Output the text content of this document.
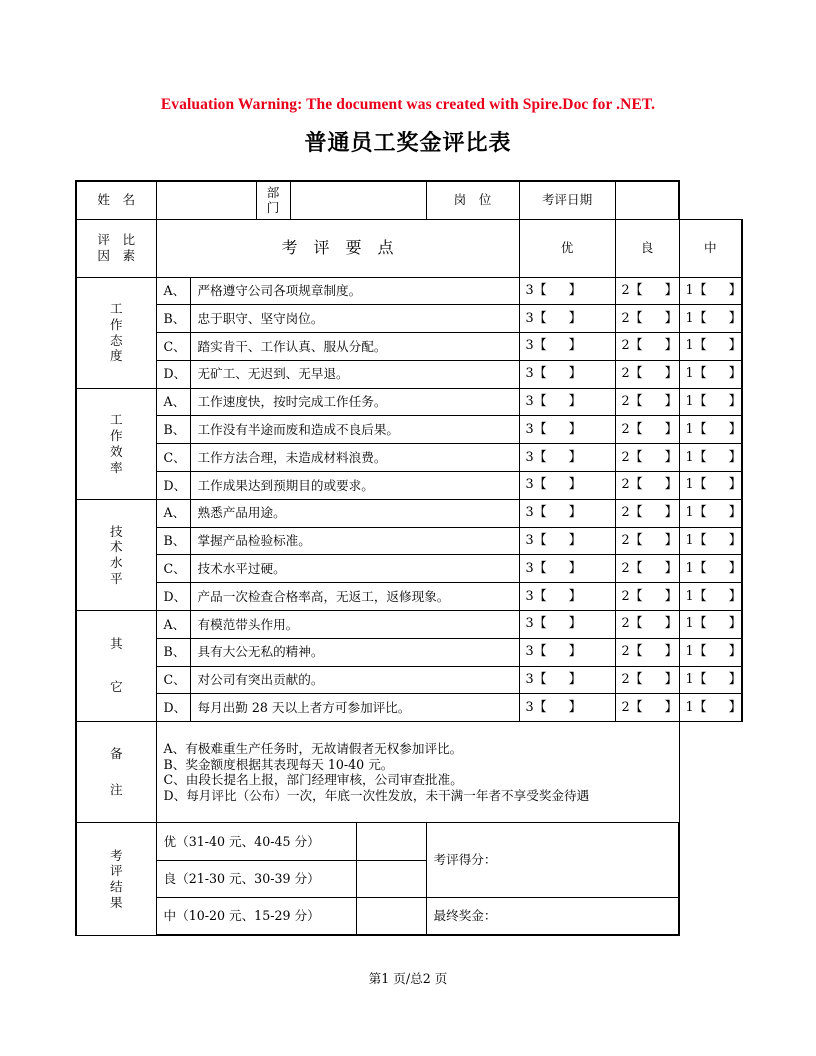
Evaluation Warning: The document was created with Spire.Doc for .NET.
普通员工奖金评比表
姓　名			部　门			岗　位	考评日期		

评　比
因　素	考　评　要　点						优	良	中

工
作
态
度	A、	严格遵守公司各项规章制度。					3【 】	2【 】	1【 】
	B、	忠于职守、坚守岗位。					3【 】	2【 】	1【 】
	C、	踏实肯干、工作认真、服从分配。					3【 】	2【 】	1【 】
	D、	无矿工、无迟到、无早退。					3【 】	2【 】	1【 】

工
作
效
率	A、	工作速度快，按时完成工作任务。					3【 】	2【 】	1【 】
	B、	工作没有半途而废和造成不良后果。					3【 】	2【 】	1【 】
	C、	工作方法合理，未造成材料浪费。					3【 】	2【 】	1【 】
	D、	工作成果达到预期目的或要求。					3【 】	2【 】	1【 】

技
术
水
平	A、	熟悉产品用途。					3【 】	2【 】	1【 】
	B、	掌握产品检验标准。					3【 】	2【 】	1【 】
	C、	技术水平过硬。					3【 】	2【 】	1【 】
	D、	产品一次检查合格率高，无返工，返修现象。					3【 】	2【 】	1【 】

其
它	A、	有模范带头作用。					3【 】	2【 】	1【 】
	B、	具有大公无私的精神。					3【 】	2【 】	1【 】
	C、	对公司有突出贡献的。					3【 】	2【 】	1【 】
	D、	每月出勤 28 天以上者方可参加评比。					3【 】	2【 】	1【 】

备
注

A、有极难重生产任务时，无故请假者无权参加评比。
B、奖金额度根据其表现每天 10-40 元。
C、由段长提名上报，部门经理审核，公司审查批准。
D、每月评比（公布）一次，年底一次性发放，未干满一年者不享受奖金待遇

考
评
结
果	优（31-40 元、40-45 分）					考评得分：			
	良（21-30 元、30-39 分）								
	中（10-20 元、15-29 分）					最终奖金：			
第1 页/总2 页
